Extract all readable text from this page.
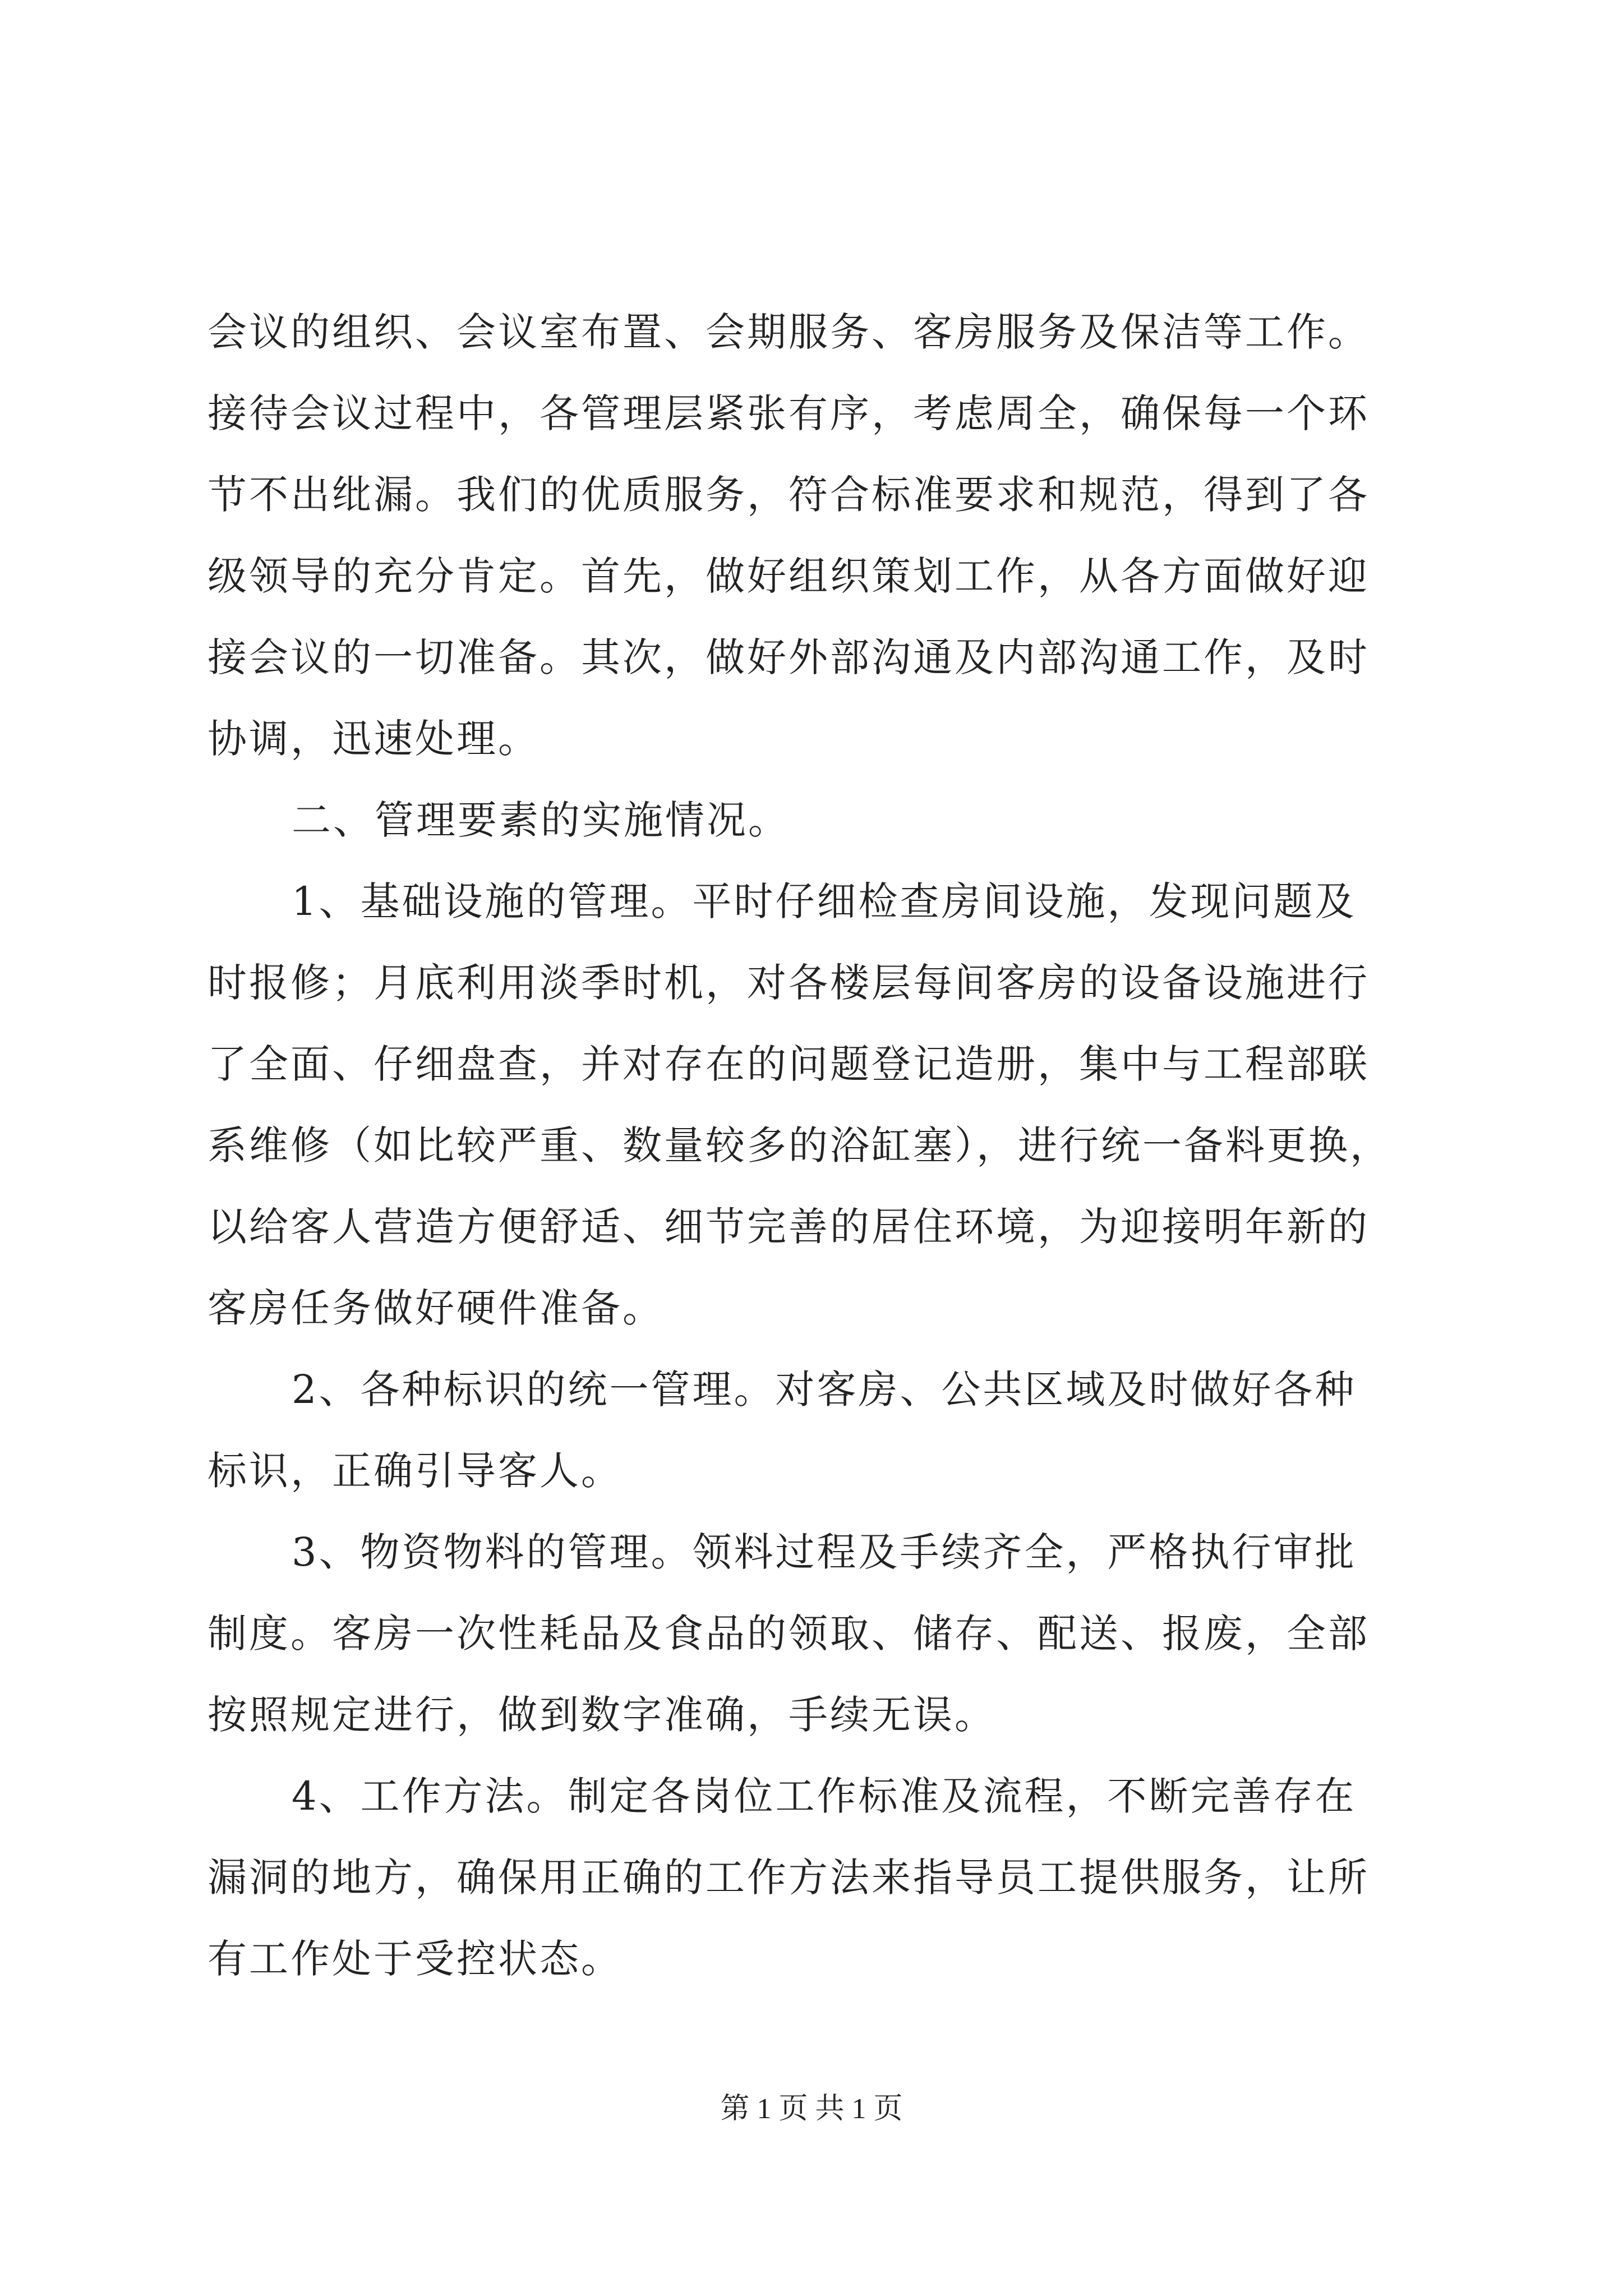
会议的组织、会议室布置、会期服务、客房服务及保洁等工作。
接待会议过程中，各管理层紧张有序，考虑周全，确保每一个环
节不出纰漏。我们的优质服务，符合标准要求和规范，得到了各
级领导的充分肯定。首先，做好组织策划工作，从各方面做好迎
接会议的一切准备。其次，做好外部沟通及内部沟通工作，及时
协调，迅速处理。
二、管理要素的实施情况。
1、基础设施的管理。平时仔细检查房间设施，发现问题及
时报修；月底利用淡季时机，对各楼层每间客房的设备设施进行
了全面、仔细盘查，并对存在的问题登记造册，集中与工程部联
系维修（如比较严重、数量较多的浴缸塞），进行统一备料更换，
以给客人营造方便舒适、细节完善的居住环境，为迎接明年新的
客房任务做好硬件准备。
2、各种标识的统一管理。对客房、公共区域及时做好各种
标识，正确引导客人。
3、物资物料的管理。领料过程及手续齐全，严格执行审批
制度。客房一次性耗品及食品的领取、储存、配送、报废，全部
按照规定进行，做到数字准确，手续无误。
4、工作方法。制定各岗位工作标准及流程，不断完善存在
漏洞的地方，确保用正确的工作方法来指导员工提供服务，让所
有工作处于受控状态。
第 1 页 共 1 页
